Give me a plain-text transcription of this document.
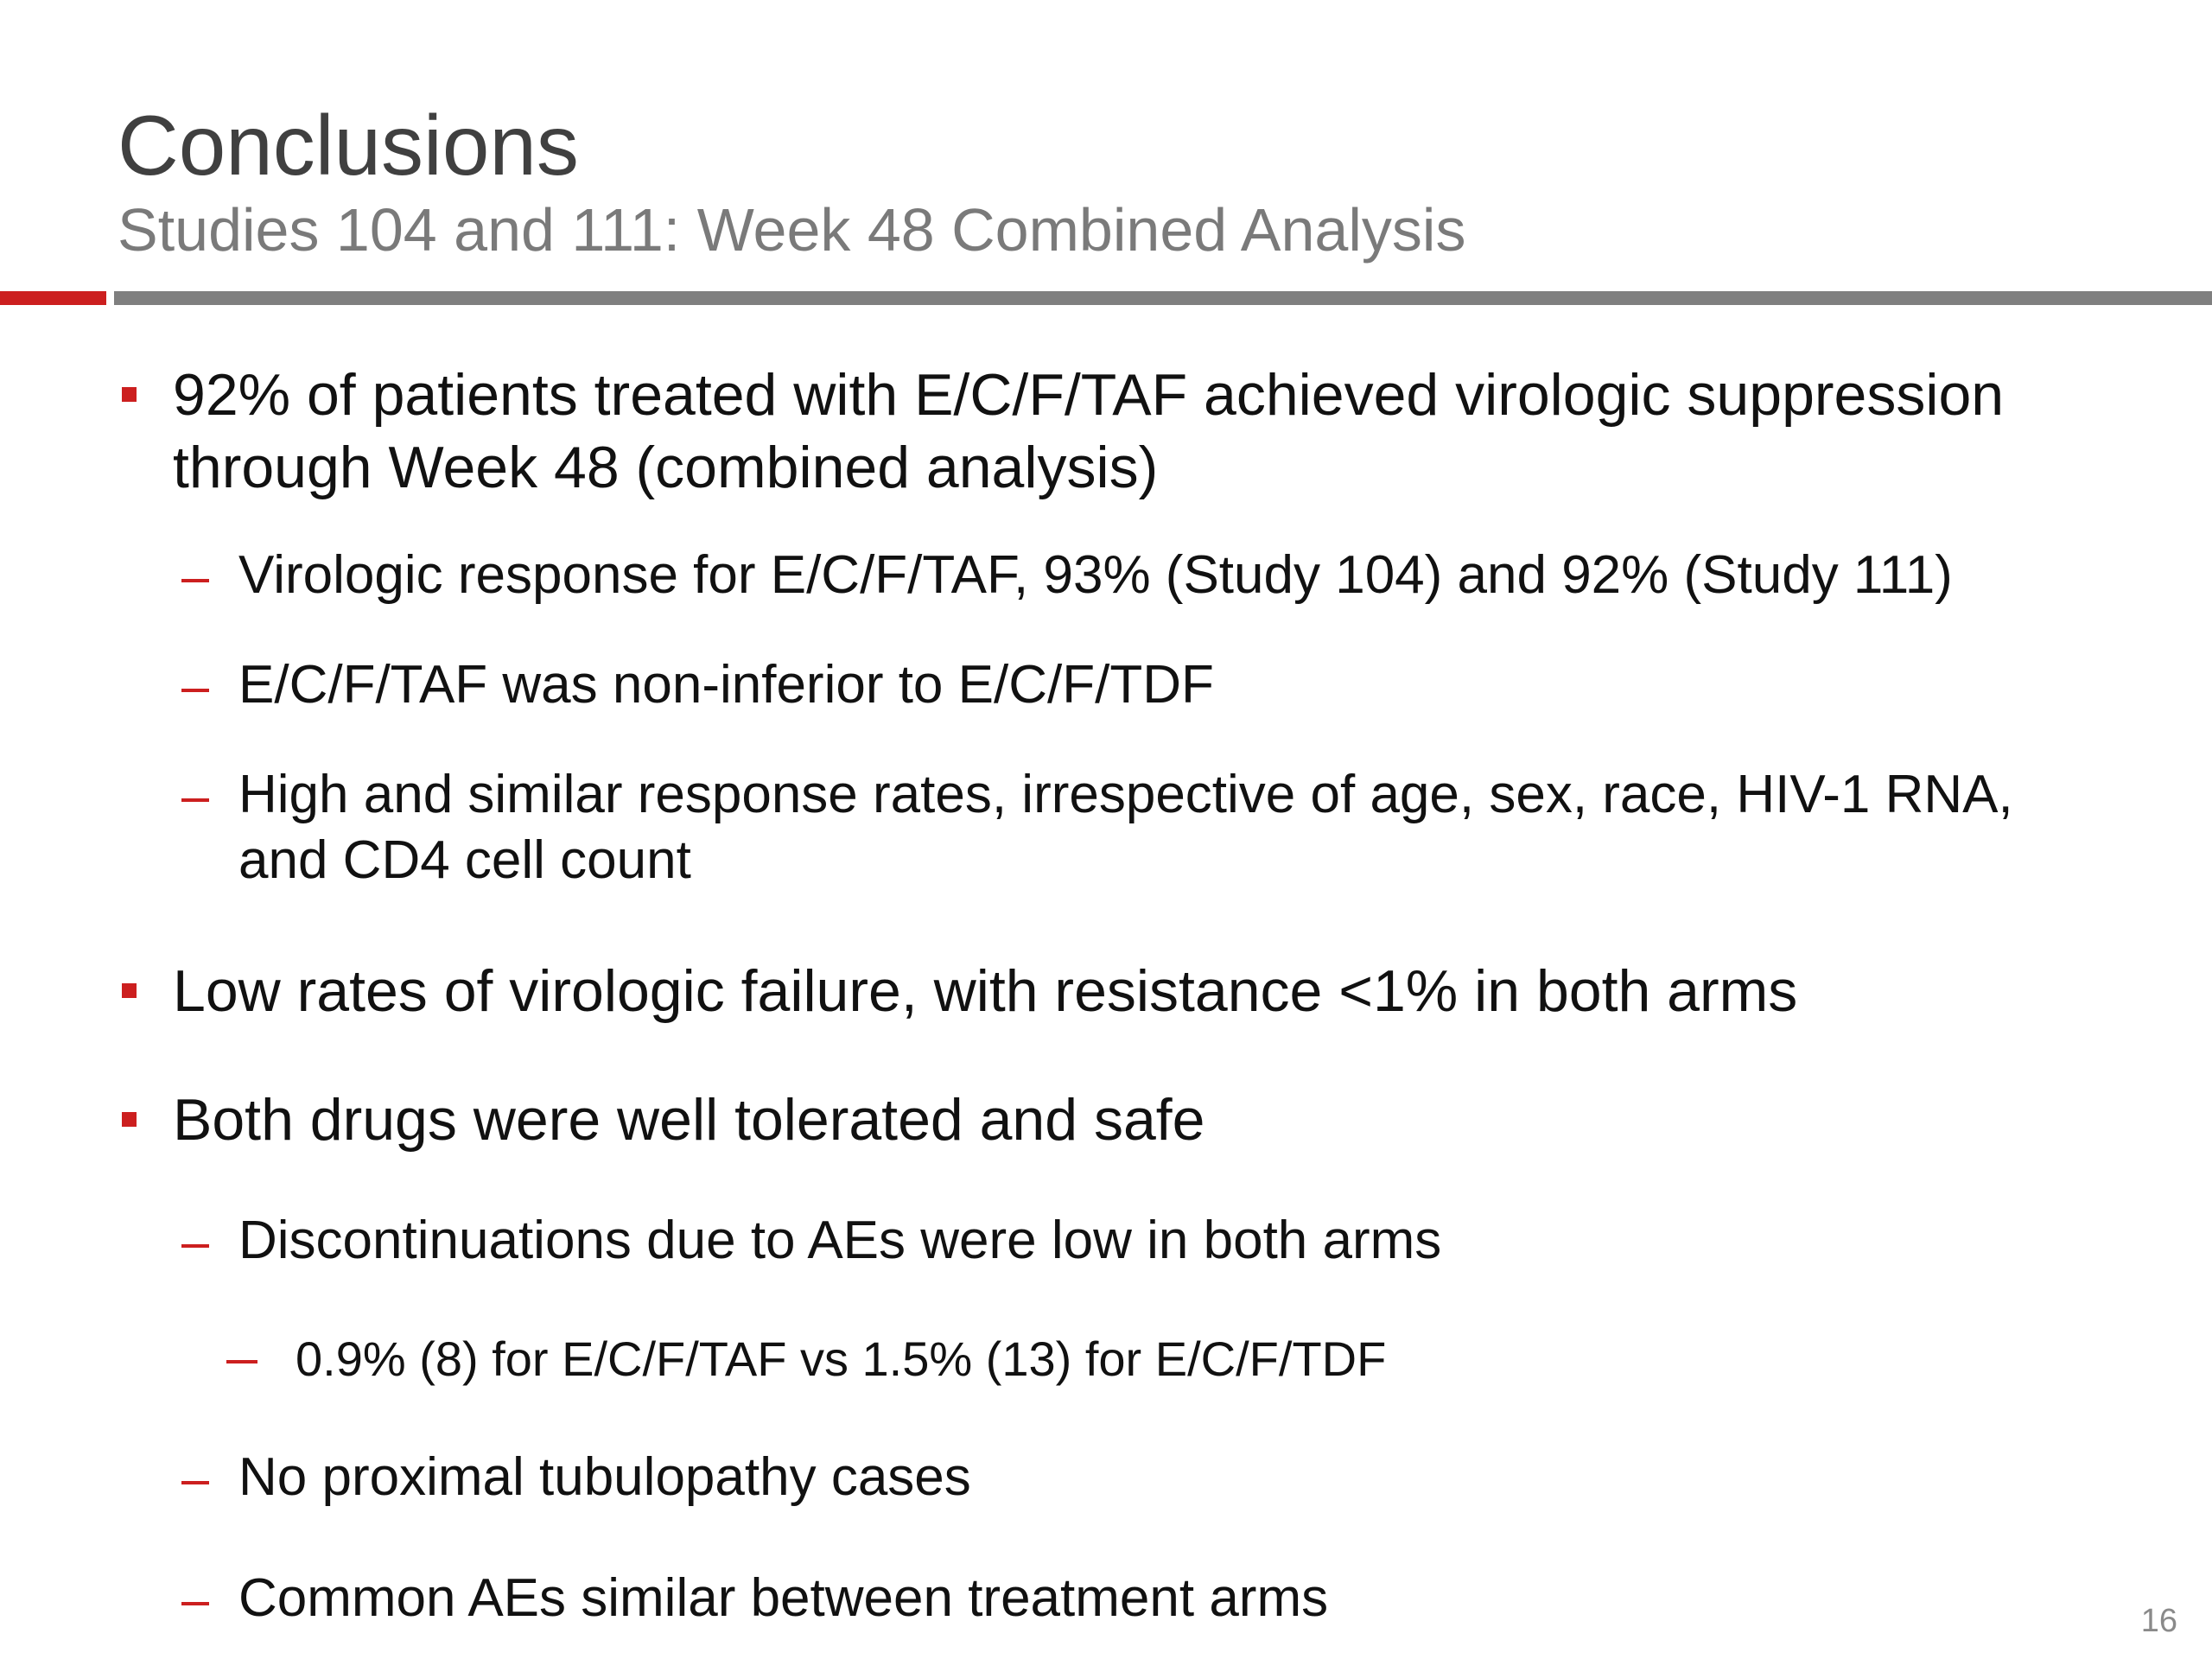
Conclusions
Studies 104 and 111: Week 48 Combined Analysis
92% of patients treated with E/C/F/TAF achieved virologic suppression
through Week 48 (combined analysis)
Virologic response for E/C/F/TAF, 93% (Study 104) and 92% (Study 111)
E/C/F/TAF was non-inferior to E/C/F/TDF
High and similar response rates, irrespective of age, sex, race, HIV-1 RNA,
and CD4 cell count
Low rates of virologic failure, with resistance <1% in both arms
Both drugs were well tolerated and safe
Discontinuations due to AEs were low in both arms
0.9% (8) for E/C/F/TAF vs 1.5% (13) for E/C/F/TDF
No proximal tubulopathy cases
Common AEs similar between treatment arms	16
